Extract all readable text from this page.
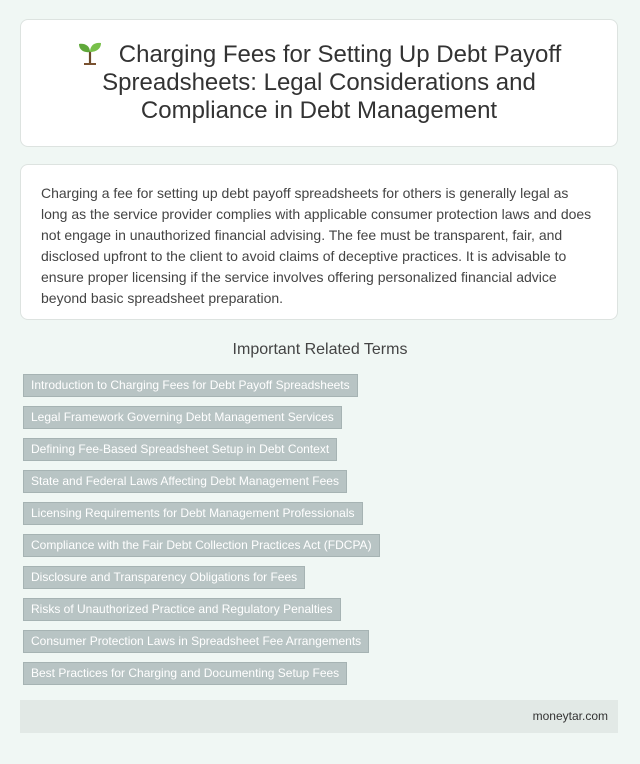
Charging Fees for Setting Up Debt Payoff Spreadsheets: Legal Considerations and Compliance in Debt Management

Charging a fee for setting up debt payoff spreadsheets for others is generally legal as long as the service provider complies with applicable consumer protection laws and does not engage in unauthorized financial advising. The fee must be transparent, fair, and disclosed upfront to the client to avoid claims of deceptive practices. It is advisable to ensure proper licensing if the service involves offering personalized financial advice beyond basic spreadsheet preparation.

Important Related Terms
Introduction to Charging Fees for Debt Payoff Spreadsheets
Legal Framework Governing Debt Management Services
Defining Fee-Based Spreadsheet Setup in Debt Context
State and Federal Laws Affecting Debt Management Fees
Licensing Requirements for Debt Management Professionals
Compliance with the Fair Debt Collection Practices Act (FDCPA)
Disclosure and Transparency Obligations for Fees
Risks of Unauthorized Practice and Regulatory Penalties
Consumer Protection Laws in Spreadsheet Fee Arrangements
Best Practices for Charging and Documenting Setup Fees
moneytar.com
